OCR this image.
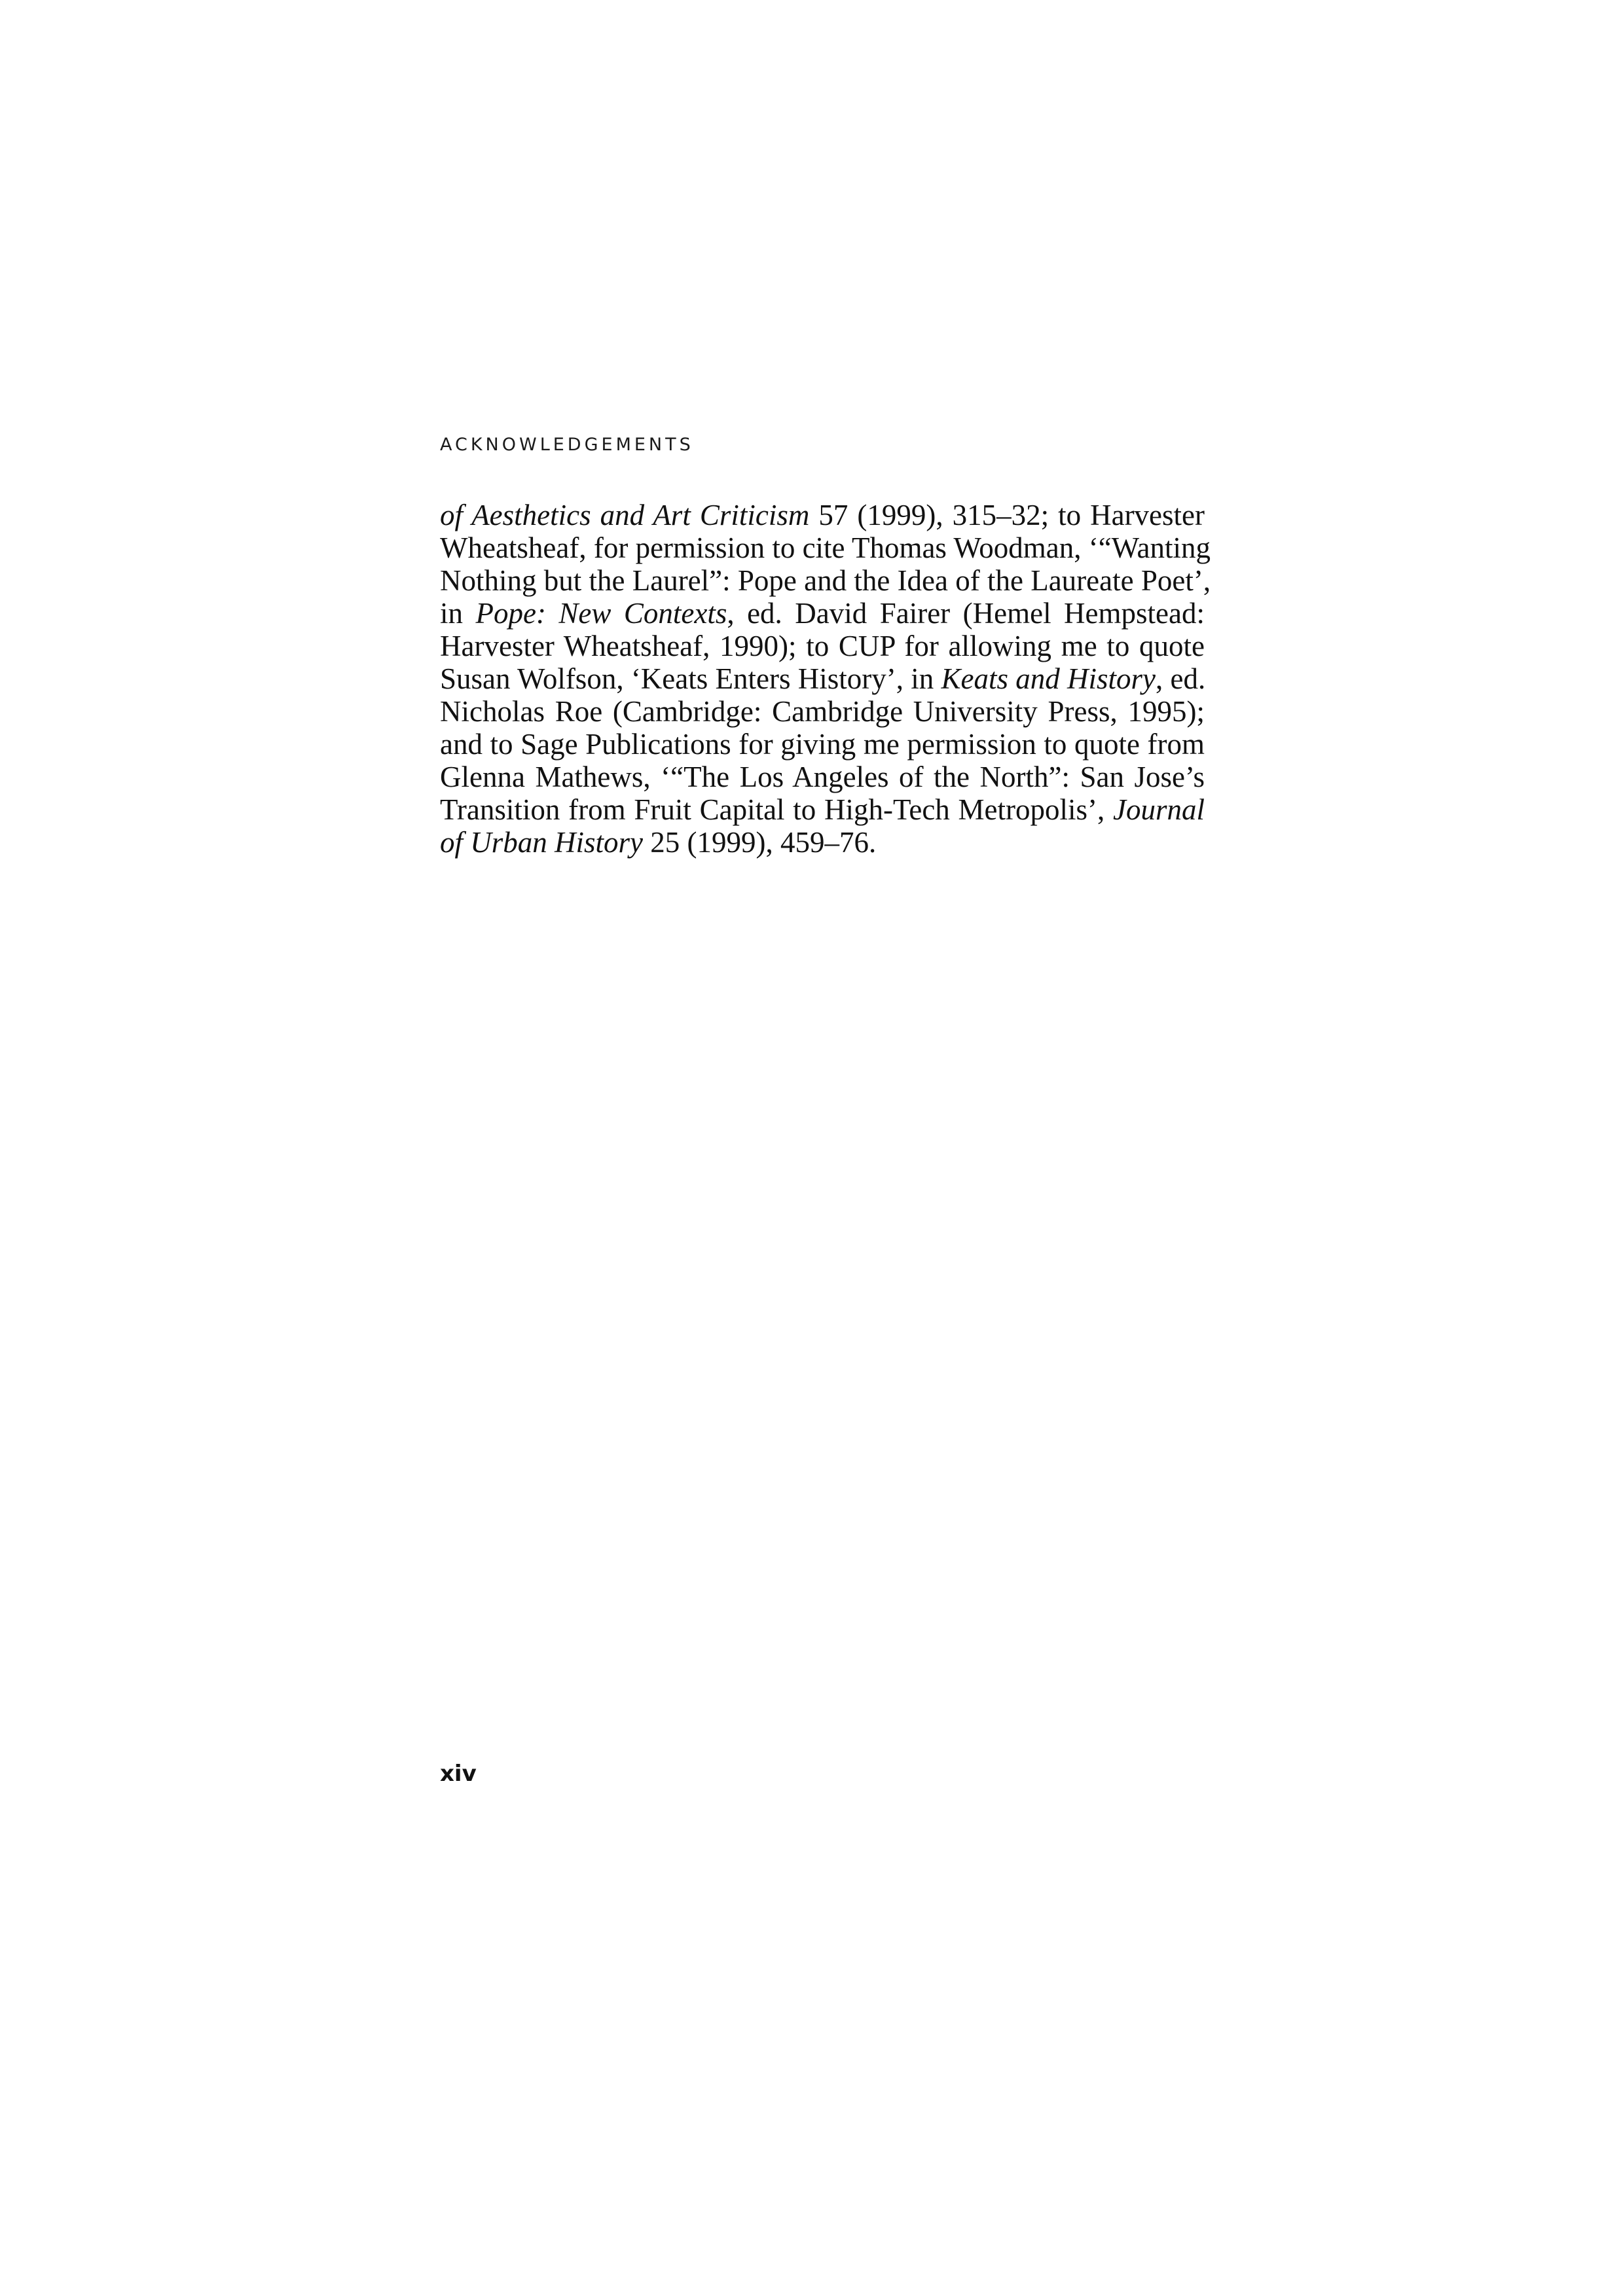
ACKNOWLEDGEMENTS
of Aesthetics and Art Criticism 57 (1999), 315–32; to Harvester
Wheatsheaf, for permission to cite Thomas Woodman, ‘“Wanting
Nothing but the Laurel”: Pope and the Idea of the Laureate Poet’,
in Pope: New Contexts, ed. David Fairer (Hemel Hempstead:
Harvester Wheatsheaf, 1990); to CUP for allowing me to quote
Susan Wolfson, ‘Keats Enters History’, in Keats and History, ed.
Nicholas Roe (Cambridge: Cambridge University Press, 1995);
and to Sage Publications for giving me permission to quote from
Glenna Mathews, ‘“The Los Angeles of the North”: San Jose’s
Transition from Fruit Capital to High-Tech Metropolis’, Journal
of Urban History 25 (1999), 459–76.
xiv
